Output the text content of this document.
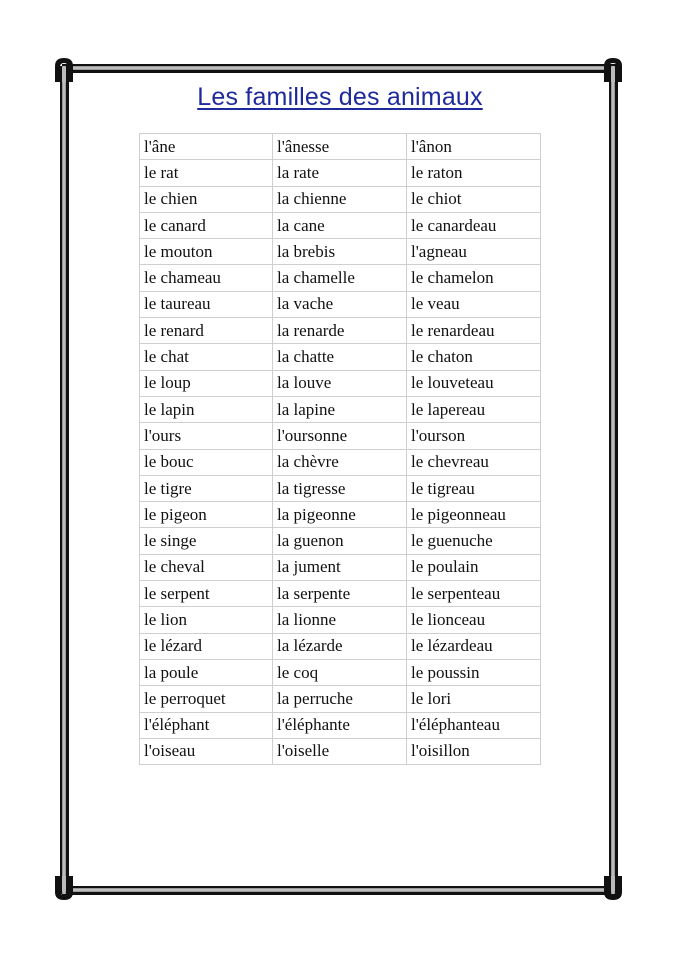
Les familles des animaux
l'âne	l'ânesse	l'ânon
le rat	la rate	le raton
le chien	la chienne	le chiot
le canard	la cane	le canardeau
le mouton	la brebis	l'agneau
le chameau	la chamelle	le chamelon
le taureau	la vache	le veau
le renard	la renarde	le renardeau
le chat	la chatte	le chaton
le loup	la louve	le louveteau
le lapin	la lapine	le lapereau
l'ours	l'oursonne	l'ourson
le bouc	la chèvre	le chevreau
le tigre	la tigresse	le tigreau
le pigeon	la pigeonne	le pigeonneau
le singe	la guenon	le guenuche
le cheval	la jument	le poulain
le serpent	la serpente	le serpenteau
le lion	la lionne	le lionceau
le lézard	la lézarde	le lézardeau
la poule	le coq	le poussin
le perroquet	la perruche	le lori
l'éléphant	l'éléphante	l'éléphanteau
l'oiseau	l'oiselle	l'oisillon
